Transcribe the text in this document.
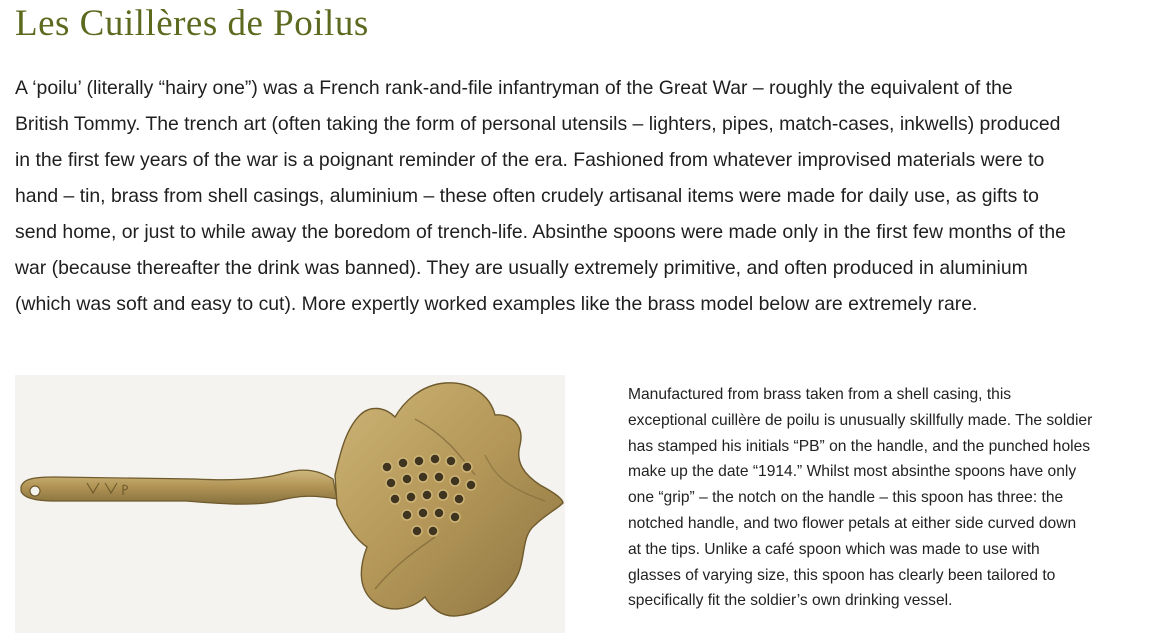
Les Cuillères de Poilus
A ‘poilu’ (literally “hairy one”) was a French rank-and-file infantryman of the Great War – roughly the equivalent of the
British Tommy. The trench art (often taking the form of personal utensils – lighters, pipes, match-cases, inkwells) produced
in the first few years of the war is a poignant reminder of the era. Fashioned from whatever improvised materials were to
hand – tin, brass from shell casings, aluminium – these often crudely artisanal items were made for daily use, as gifts to
send home, or just to while away the boredom of trench-life. Absinthe spoons were made only in the first few months of the
war (because thereafter the drink was banned). They are usually extremely primitive, and often produced in aluminium
(which was soft and easy to cut). More expertly worked examples like the brass model below are extremely rare.
Manufactured from brass taken from a shell casing, this
exceptional cuillère de poilu is unusually skillfully made. The soldier
has stamped his initials “PB” on the handle, and the punched holes
make up the date “1914.” Whilst most absinthe spoons have only
one “grip” – the notch on the handle – this spoon has three: the
notched handle, and two flower petals at either side curved down
at the tips. Unlike a café spoon which was made to use with
glasses of varying size, this spoon has clearly been tailored to
specifically fit the soldier’s own drinking vessel.
